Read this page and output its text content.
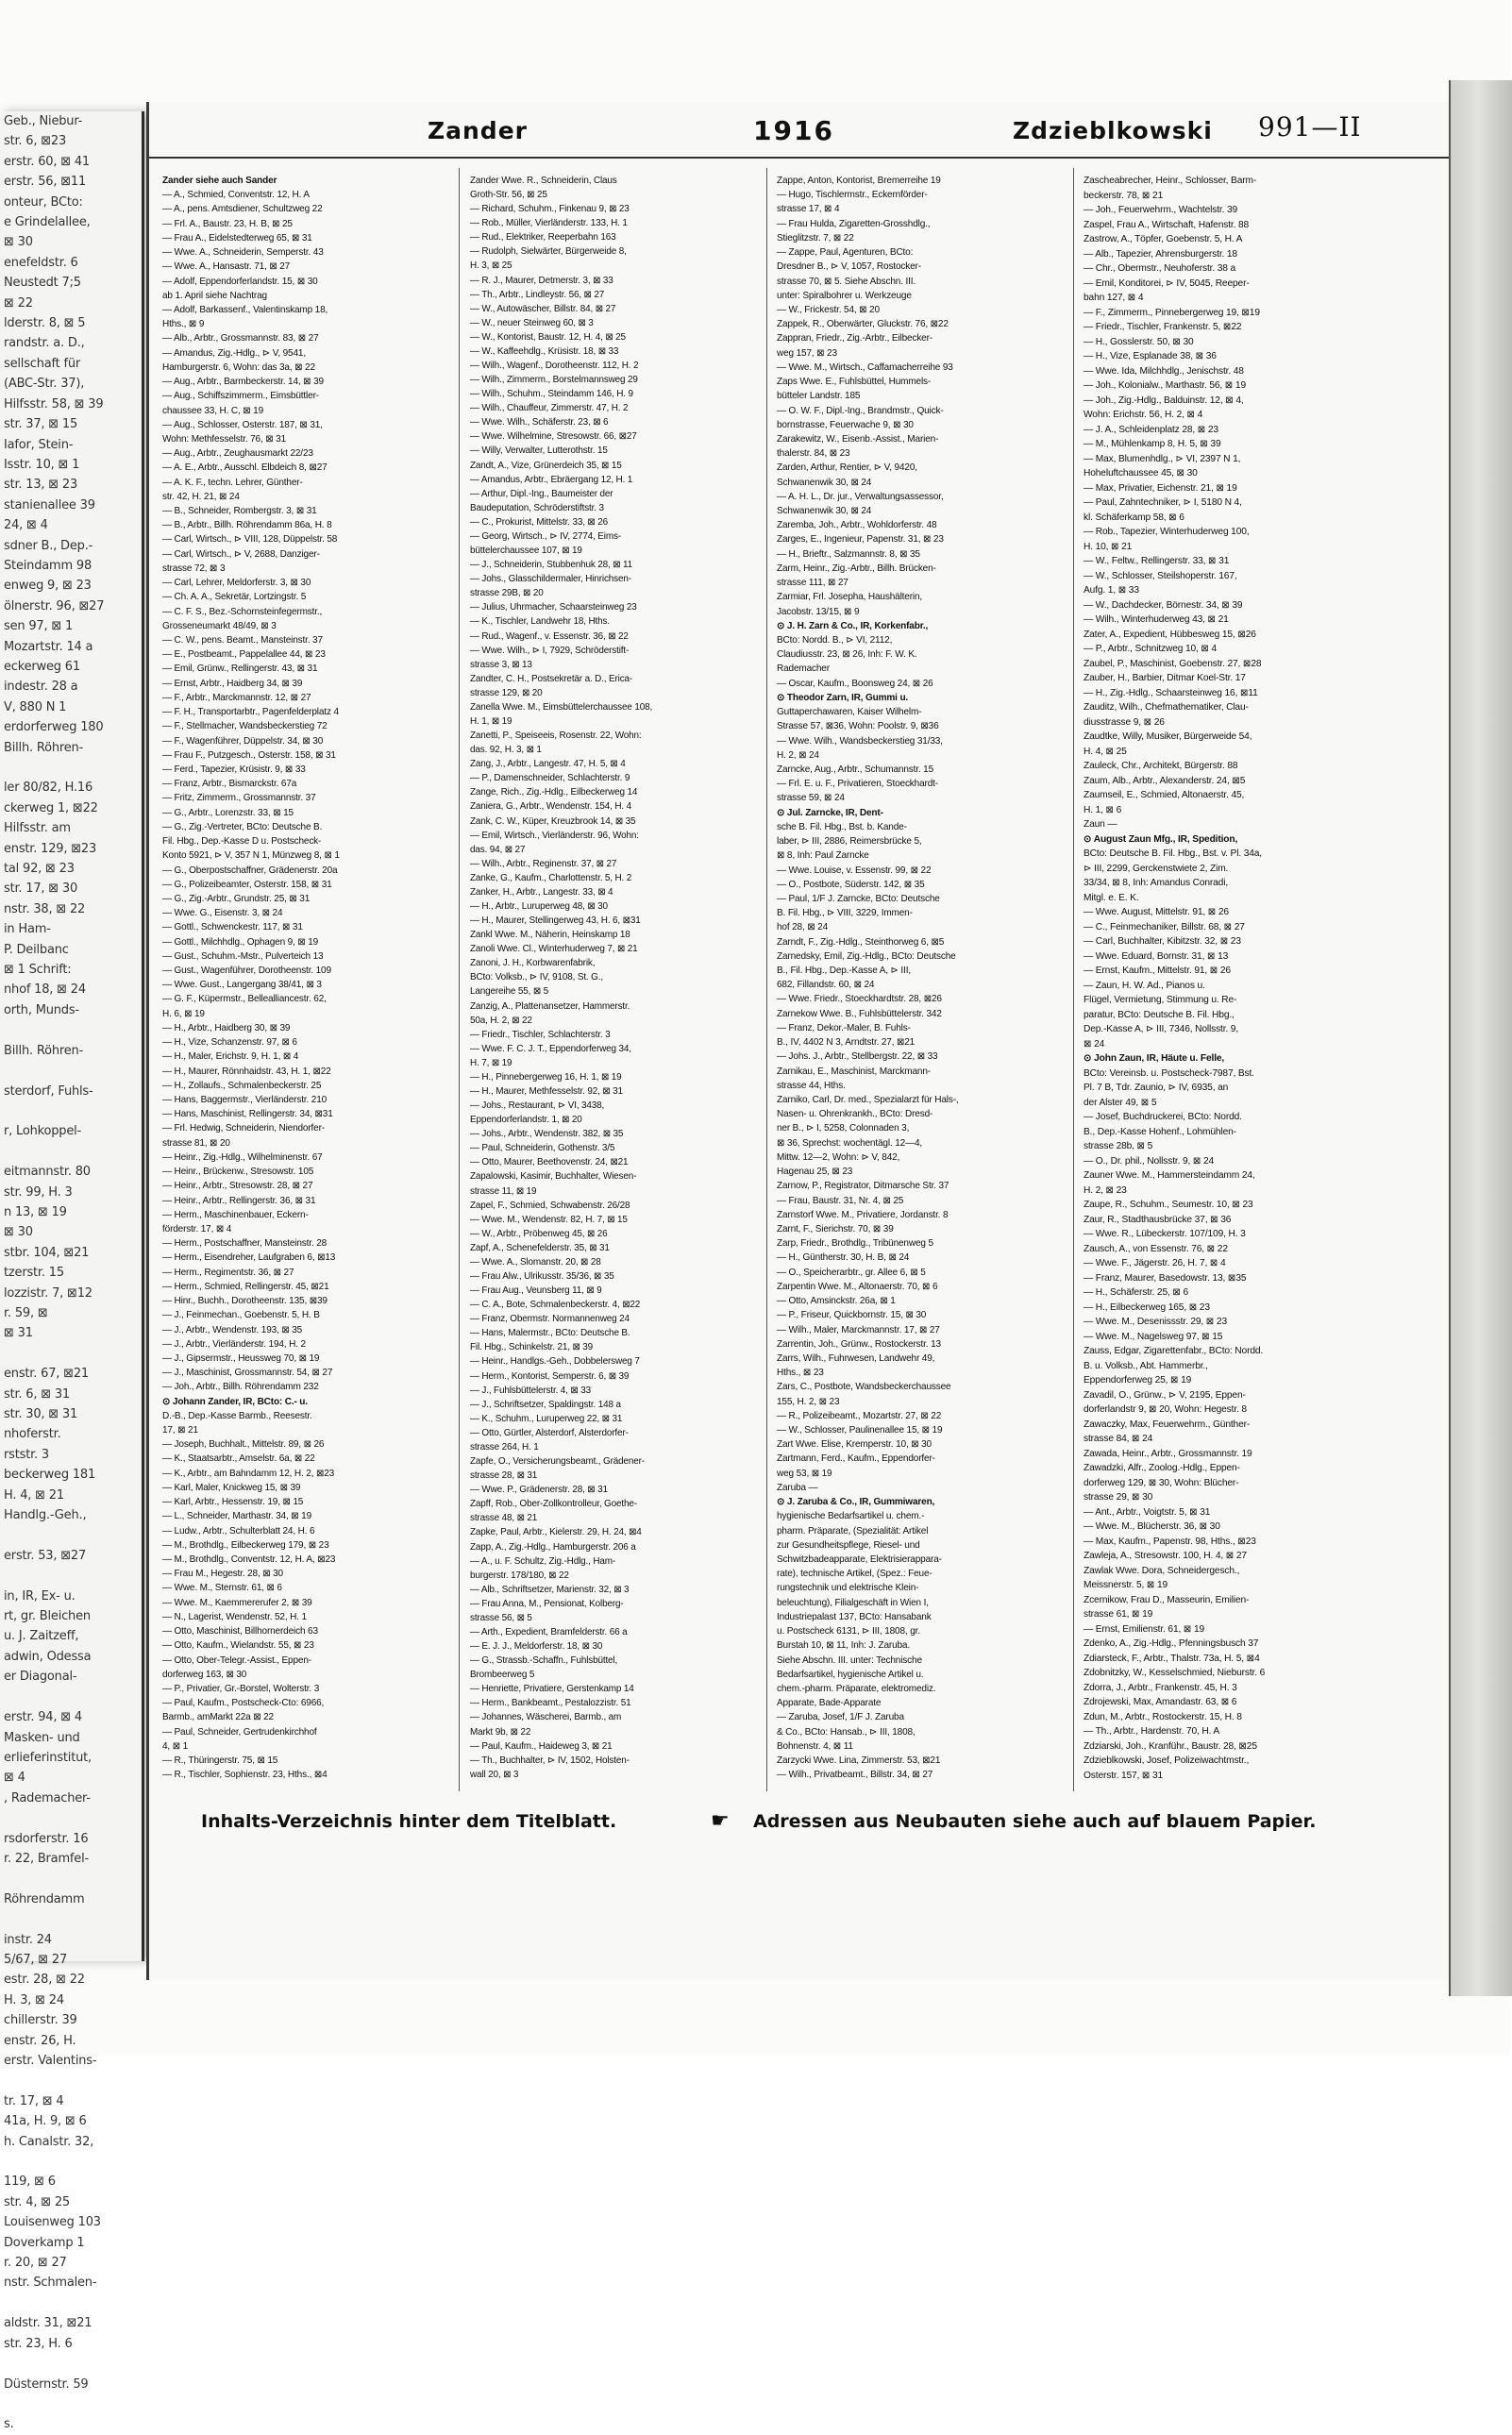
Geb., Niebur-
str. 6, ⊠23
erstr. 60, ⊠ 41
erstr. 56, ⊠11
onteur, BCto:
e Grindelallee,
⊠ 30
enefeldstr. 6
Neustedt 7;5
⊠ 22
lderstr. 8, ⊠ 5
randstr. a. D.,
sellschaft für
(ABC-Str. 37),
Hilfsstr. 58, ⊠ 39
str. 37, ⊠ 15
Iafor, Stein-
Isstr. 10, ⊠ 1
str. 13, ⊠ 23
stanienallee 39
24, ⊠ 4
sdner B., Dep.-
Steindamm 98
enweg 9, ⊠ 23
ölnerstr. 96, ⊠27
sen 97, ⊠ 1
Mozartstr. 14 a
eckerweg 61
indestr. 28 a
V, 880 N 1
erdorferweg 180
Billh. Röhren-

ler 80/82, H.16
ckerweg 1, ⊠22
Hilfsstr. am
enstr. 129, ⊠23
tal 92, ⊠ 23
str. 17, ⊠ 30
nstr. 38, ⊠ 22
in Ham-
P. Deilbanc
⊠ 1 Schrift:
nhof 18, ⊠ 24
orth, Munds-

Billh. Röhren-

sterdorf, Fuhls-

r, Lohkoppel-

eitmannstr. 80
str. 99, H. 3
n 13, ⊠ 19
⊠ 30
stbr. 104, ⊠21
tzerstr. 15
lozzistr. 7, ⊠12
r. 59, ⊠
⊠ 31

enstr. 67, ⊠21
str. 6, ⊠ 31
str. 30, ⊠ 31
nhoferstr.
rststr. 3
beckerweg 181
H. 4, ⊠ 21
Handlg.-Geh.,

erstr. 53, ⊠27

in, IR, Ex- u.
rt, gr. Bleichen
u. J. Zaitzeff,
adwin, Odessa
er Diagonal-

erstr. 94, ⊠ 4
Masken- und
erlieferinstitut,
⊠ 4
, Rademacher-

rsdorferstr. 16
r. 22, Bramfel-

Röhrendamm

instr. 24
5/67, ⊠ 27
estr. 28, ⊠ 22
H. 3, ⊠ 24
chillerstr. 39
enstr. 26, H.
erstr. Valentins-

tr. 17, ⊠ 4
41a, H. 9, ⊠ 6
h. Canalstr. 32,

119, ⊠ 6
str. 4, ⊠ 25
Louisenweg 103
Doverkamp 1
r. 20, ⊠ 27
nstr. Schmalen-

aldstr. 31, ⊠21
str. 23, H. 6

Düsternstr. 59

s.
Zander	1916	Zdzieblkowski 991—II
Zander siehe auch Sander
— A., Schmied, Conventstr. 12, H. A
— A., pens. Amtsdiener, Schultzweg 22
— Frl. A., Baustr. 23, H. B, ⊠ 25
— Frau A., Eidelstedterweg 65, ⊠ 31
— Wwe. A., Schneiderin, Semperstr. 43
— Wwe. A., Hansastr. 71, ⊠ 27
— Adolf, Eppendorferlandstr. 15, ⊠ 30
ab 1. April siehe Nachtrag
— Adolf, Barkassenf., Valentinskamp 18,
Hths., ⊠ 9
— Alb., Arbtr., Grossmannstr. 83, ⊠ 27
— Amandus, Zig.-Hdlg., ⊳ V, 9541,
Hamburgerstr. 6, Wohn: das 3a, ⊠ 22
— Aug., Arbtr., Barmbeckerstr. 14, ⊠ 39
— Aug., Schiffszimmerm., Eimsbüttler-
chaussee 33, H. C, ⊠ 19
— Aug., Schlosser, Osterstr. 187, ⊠ 31,
Wohn: Methfesselstr. 76, ⊠ 31
— Aug., Arbtr., Zeughausmarkt 22/23
— A. E., Arbtr., Ausschl. Elbdeich 8, ⊠27
— A. K. F., techn. Lehrer, Günther-
str. 42, H. 21, ⊠ 24
— B., Schneider, Rombergstr. 3, ⊠ 31
— B., Arbtr., Billh. Röhrendamm 86a, H. 8
— Carl, Wirtsch., ⊳ VIII, 128, Düppelstr. 58
— Carl, Wirtsch., ⊳ V, 2688, Danziger-
strasse 72, ⊠ 3
— Carl, Lehrer, Meldorferstr. 3, ⊠ 30
— Ch. A. A., Sekretär, Lortzingstr. 5
— C. F. S., Bez.-Schornsteinfegermstr.,
Grosseneumarkt 48/49, ⊠ 3
— C. W., pens. Beamt., Mansteinstr. 37
— E., Postbeamt., Pappelallee 44, ⊠ 23
— Emil, Grünw., Rellingerstr. 43, ⊠ 31
— Ernst, Arbtr., Haidberg 34, ⊠ 39
— F., Arbtr., Marckmannstr. 12, ⊠ 27
— F. H., Transportarbtr., Pagenfelderplatz 4
— F., Stellmacher, Wandsbeckerstieg 72
— F., Wagenführer, Düppelstr. 34, ⊠ 30
— Frau F., Putzgesch., Osterstr. 158, ⊠ 31
— Ferd., Tapezier, Krüsistr. 9, ⊠ 33
— Franz, Arbtr., Bismarckstr. 67a
— Fritz, Zimmerm., Grossmannstr. 37
— G., Arbtr., Lorenzstr. 33, ⊠ 15
— G., Zig.-Vertreter, BCto: Deutsche B.
Fil. Hbg., Dep.-Kasse D u. Postscheck-
Konto 5921, ⊳ V, 357 N 1, Münzweg 8, ⊠ 1
— G., Oberpostschaffner, Grädenerstr. 20a
— G., Polizeibeamter, Osterstr. 158, ⊠ 31
— G., Zig.-Arbtr., Grundstr. 25, ⊠ 31
— Wwe. G., Eisenstr. 3, ⊠ 24
— Gottl., Schwenckestr. 117, ⊠ 31
— Gottl., Milchhdlg., Ophagen 9, ⊠ 19
— Gust., Schuhm.-Mstr., Pulverteich 13
— Gust., Wagenführer, Dorotheenstr. 109
— Wwe. Gust., Langergang 38/41, ⊠ 3
— G. F., Küpermstr., Bellealliancestr. 62,
H. 6, ⊠ 19
— H., Arbtr., Haidberg 30, ⊠ 39
— H., Vize, Schanzenstr. 97, ⊠ 6
— H., Maler, Erichstr. 9, H. 1, ⊠ 4
— H., Maurer, Rönnhaidstr. 43, H. 1, ⊠22
— H., Zollaufs., Schmalenbeckerstr. 25
— Hans, Baggermstr., Vierländerstr. 210
— Hans, Maschinist, Rellingerstr. 34, ⊠31
— Frl. Hedwig, Schneiderin, Niendorfer-
strasse 81, ⊠ 20
— Heinr., Zig.-Hdlg., Wilhelminenstr. 67
— Heinr., Brückenw., Stresowstr. 105
— Heinr., Arbtr., Stresowstr. 28, ⊠ 27
— Heinr., Arbtr., Rellingerstr. 36, ⊠ 31
— Herm., Maschinenbauer, Eckern-
förderstr. 17, ⊠ 4
— Herm., Postschaffner, Mansteinstr. 28
— Herm., Eisendreher, Laufgraben 6, ⊠13
— Herm., Regimentstr. 36, ⊠ 27
— Herm., Schmied, Rellingerstr. 45, ⊠21
— Hinr., Buchh., Dorotheenstr. 135, ⊠39
— J., Feinmechan., Goebenstr. 5, H. B
— J., Arbtr., Wendenstr. 193, ⊠ 35
— J., Arbtr., Vierländerstr. 194, H. 2
— J., Gipsermstr., Heussweg 70, ⊠ 19
— J., Maschinist, Grossmannstr. 54, ⊠ 27
— Joh., Arbtr., Billh. Röhrendamm 232
⊙ Johann Zander, IR, BCto: C.- u.
D.-B., Dep.-Kasse Barmb., Reesestr.
17, ⊠ 21
— Joseph, Buchhalt., Mittelstr. 89, ⊠ 26
— K., Staatsarbtr., Amselstr. 6a, ⊠ 22
— K., Arbtr., am Bahndamm 12, H. 2, ⊠23
— Karl, Maler, Knickweg 15, ⊠ 39
— Karl, Arbtr., Hessenstr. 19, ⊠ 15
— L., Schneider, Marthastr. 34, ⊠ 19
— Ludw., Arbtr., Schulterblatt 24, H. 6
— M., Brothdlg., Eilbeckerweg 179, ⊠ 23
— M., Brothdlg., Conventstr. 12, H. A, ⊠23
— Frau M., Hegestr. 28, ⊠ 30
— Wwe. M., Sternstr. 61, ⊠ 6
— Wwe. M., Kaemmererufer 2, ⊠ 39
— N., Lagerist, Wendenstr. 52, H. 1
— Otto, Maschinist, Billhornerdeich 63
— Otto, Kaufm., Wielandstr. 55, ⊠ 23
— Otto, Ober-Telegr.-Assist., Eppen-
dorferweg 163, ⊠ 30
— P., Privatier, Gr.-Borstel, Wolterstr. 3
— Paul, Kaufm., Postscheck-Cto: 6966,
Barmb., amMarkt 22a ⊠ 22
— Paul, Schneider, Gertrudenkirchhof
4, ⊠ 1
— R., Thüringerstr. 75, ⊠ 15
— R., Tischler, Sophienstr. 23, Hths., ⊠4
Zander Wwe. R., Schneiderin, Claus
Groth-Str. 56, ⊠ 25
— Richard, Schuhm., Finkenau 9, ⊠ 23
— Rob., Müller, Vierländerstr. 133, H. 1
— Rud., Elektriker, Reeperbahn 163
— Rudolph, Sielwärter, Bürgerweide 8,
H. 3, ⊠ 25
— R. J., Maurer, Detmerstr. 3, ⊠ 33
— Th., Arbtr., Lindleystr. 56, ⊠ 27
— W., Autowäscher, Billstr. 84, ⊠ 27
— W., neuer Steinweg 60, ⊠ 3
— W., Kontorist, Baustr. 12, H. 4, ⊠ 25
— W., Kaffeehdlg., Krüsistr. 18, ⊠ 33
— Wilh., Wagenf., Dorotheenstr. 112, H. 2
— Wilh., Zimmerm., Borstelmannsweg 29
— Wilh., Schuhm., Steindamm 146, H. 9
— Wilh., Chauffeur, Zimmerstr. 47, H. 2
— Wwe. Wilh., Schäferstr. 23, ⊠ 6
— Wwe. Wilhelmine, Stresowstr. 66, ⊠27
— Willy, Verwalter, Lutterothstr. 15
Zandt, A., Vize, Grünerdeich 35, ⊠ 15
— Amandus, Arbtr., Ebräergang 12, H. 1
— Arthur, Dipl.-Ing., Baumeister der
Baudeputation, Schröderstiftstr. 3
— C., Prokurist, Mittelstr. 33, ⊠ 26
— Georg, Wirtsch., ⊳ IV, 2774, Eims-
büttelerchaussee 107, ⊠ 19
— J., Schneiderin, Stubbenhuk 28, ⊠ 11
— Johs., Glasschildermaler, Hinrichsen-
strasse 29B, ⊠ 20
— Julius, Uhrmacher, Schaarsteinweg 23
— K., Tischler, Landwehr 18, Hths.
— Rud., Wagenf., v. Essenstr. 36, ⊠ 22
— Wwe. Wilh., ⊳ I, 7929, Schröderstift-
strasse 3, ⊠ 13
Zandter, C. H., Postsekretär a. D., Erica-
strasse 129, ⊠ 20
Zanella Wwe. M., Eimsbüttelerchaussee 108,
H. 1, ⊠ 19
Zanetti, P., Speiseeis, Rosenstr. 22, Wohn:
das. 92, H. 3, ⊠ 1
Zang, J., Arbtr., Langestr. 47, H. 5, ⊠ 4
— P., Damenschneider, Schlachterstr. 9
Zange, Rich., Zig.-Hdlg., Eilbeckerweg 14
Zaniera, G., Arbtr., Wendenstr. 154, H. 4
Zank, C. W., Küper, Kreuzbrook 14, ⊠ 35
— Emil, Wirtsch., Vierländerstr. 96, Wohn:
das. 94, ⊠ 27
— Wilh., Arbtr., Reginenstr. 37, ⊠ 27
Zanke, G., Kaufm., Charlottenstr. 5, H. 2
Zanker, H., Arbtr., Langestr. 33, ⊠ 4
— H., Arbtr., Luruperweg 48, ⊠ 30
— H., Maurer, Stellingerweg 43, H. 6, ⊠31
Zankl Wwe. M., Näherin, Heinskamp 18
Zanoli Wwe. Cl., Winterhuderweg 7, ⊠ 21
Zanoni, J. H., Korbwarenfabrik,
BCto: Volksb., ⊳ IV, 9108, St. G.,
Langereihe 55, ⊠ 5
Zanzig, A., Plattenansetzer, Hammerstr.
50a, H. 2, ⊠ 22
— Friedr., Tischler, Schlachterstr. 3
— Wwe. F. C. J. T., Eppendorferweg 34,
H. 7, ⊠ 19
— H., Pinnebergerweg 16, H. 1, ⊠ 19
— H., Maurer, Methfesselstr. 92, ⊠ 31
— Johs., Restaurant, ⊳ VI, 3438,
Eppendorferlandstr. 1, ⊠ 20
— Johs., Arbtr., Wendenstr. 382, ⊠ 35
— Paul, Schneiderin, Gothenstr. 3/5
— Otto, Maurer, Beethovenstr. 24, ⊠21
Zapalowski, Kasimir, Buchhalter, Wiesen-
strasse 11, ⊠ 19
Zapel, F., Schmied, Schwabenstr. 26/28
— Wwe. M., Wendenstr. 82, H. 7, ⊠ 15
— W., Arbtr., Pröbenweg 45, ⊠ 26
Zapf, A., Schenefelderstr. 35, ⊠ 31
— Wwe. A., Slomanstr. 20, ⊠ 28
— Frau Alw., Ulrikusstr. 35/36, ⊠ 35
— Frau Aug., Veunsberg 11, ⊠ 9
— C. A., Bote, Schmalenbeckerstr. 4, ⊠22
— Franz, Obermstr. Normannenweg 24
— Hans, Malermstr., BCto: Deutsche B.
Fil. Hbg., Schinkelstr. 21, ⊠ 39
— Heinr., Handlgs.-Geh., Dobbelersweg 7
— Herm., Kontorist, Semperstr. 6, ⊠ 39
— J., Fuhlsbüttelerstr. 4, ⊠ 33
— J., Schriftsetzer, Spaldingstr. 148 a
— K., Schuhm., Luruperweg 22, ⊠ 31
— Otto, Gürtler, Alsterdorf, Alsterdorfer-
strasse 264, H. 1
Zapfe, O., Versicherungsbeamt., Grädener-
strasse 28, ⊠ 31
— Wwe. P., Grädenerstr. 28, ⊠ 31
Zapff, Rob., Ober-Zollkontrolleur, Goethe-
strasse 48, ⊠ 21
Zapke, Paul, Arbtr., Kielerstr. 29, H. 24, ⊠4
Zapp, A., Zig.-Hdlg., Hamburgerstr. 206 a
— A., u. F. Schultz, Zig.-Hdlg., Ham-
burgerstr. 178/180, ⊠ 22
— Alb., Schriftsetzer, Marienstr. 32, ⊠ 3
— Frau Anna, M., Pensionat, Kolberg-
strasse 56, ⊠ 5
— Arth., Expedient, Bramfelderstr. 66 a
— E. J. J., Meldorferstr. 18, ⊠ 30
— G., Strassb.-Schaffn., Fuhlsbüttel,
Brombeerweg 5
— Henriette, Privatiere, Gerstenkamp 14
— Herm., Bankbeamt., Pestalozzistr. 51
— Johannes, Wäscherei, Barmb., am
Markt 9b, ⊠ 22
— Paul, Kaufm., Haideweg 3, ⊠ 21
— Th., Buchhalter, ⊳ IV, 1502, Holsten-
wall 20, ⊠ 3
Zappe, Anton, Kontorist, Bremerreihe 19
— Hugo, Tischlermstr., Eckernförder-
strasse 17, ⊠ 4
— Frau Hulda, Zigaretten-Grosshdlg.,
Stieglitzstr. 7, ⊠ 22
— Zappe, Paul, Agenturen, BCto:
Dresdner B., ⊳ V, 1057, Rostocker-
strasse 70, ⊠ 5. Siehe Abschn. III.
unter: Spiralbohrer u. Werkzeuge
— W., Frickestr. 54, ⊠ 20
Zappek, R., Oberwärter, Gluckstr. 76, ⊠22
Zappran, Friedr., Zig.-Arbtr., Eilbecker-
weg 157, ⊠ 23
— Wwe. M., Wirtsch., Caffamacherreihe 93
Zaps Wwe. E., Fuhlsbüttel, Hummels-
bütteler Landstr. 185
— O. W. F., Dipl.-Ing., Brandmstr., Quick-
bornstrasse, Feuerwache 9, ⊠ 30
Zarakewitz, W., Eisenb.-Assist., Marien-
thalerstr. 84, ⊠ 23
Zarden, Arthur, Rentier, ⊳ V, 9420,
Schwanenwik 30, ⊠ 24
— A. H. L., Dr. jur., Verwaltungsassessor,
Schwanenwik 30, ⊠ 24
Zaremba, Joh., Arbtr., Wohldorferstr. 48
Zarges, E., Ingenieur, Papenstr. 31, ⊠ 23
— H., Brieftr., Salzmannstr. 8, ⊠ 35
Zarm, Heinr., Zig.-Arbtr., Billh. Brücken-
strasse 111, ⊠ 27
Zarmiar, Frl. Josepha, Haushälterin,
Jacobstr. 13/15, ⊠ 9
⊙ J. H. Zarn & Co., IR, Korkenfabr.,
BCto: Nordd. B., ⊳ VI, 2112,
Claudiusstr. 23, ⊠ 26, Inh: F. W. K.
Rademacher
— Oscar, Kaufm., Boonsweg 24, ⊠ 26
⊙ Theodor Zarn, IR, Gummi u.
Guttaperchawaren, Kaiser Wilhelm-
Strasse 57, ⊠36, Wohn: Poolstr. 9, ⊠36
— Wwe. Wilh., Wandsbeckerstieg 31/33,
H. 2, ⊠ 24
Zarncke, Aug., Arbtr., Schumannstr. 15
— Frl. E. u. F., Privatieren, Stoeckhardt-
strasse 59, ⊠ 24
⊙ Jul. Zarncke, IR, Dent-
sche B. Fil. Hbg., Bst. b. Kande-
laber, ⊳ III, 2886, Reimersbrücke 5,
⊠ 8, Inh: Paul Zarncke
— Wwe. Louise, v. Essenstr. 99, ⊠ 22
— O., Postbote, Süderstr. 142, ⊠ 35
— Paul, 1/F J. Zarncke, BCto: Deutsche
B. Fil. Hbg., ⊳ VIII, 3229, Immen-
hof 28, ⊠ 24
Zarndt, F., Zig.-Hdlg., Steinthorweg 6, ⊠5
Zarnedsky, Emil, Zig.-Hdlg., BCto: Deutsche
B., Fil. Hbg., Dep.-Kasse A, ⊳ III,
682, Fillandstr. 60, ⊠ 24
— Wwe. Friedr., Stoeckhardtstr. 28, ⊠26
Zarnekow Wwe. B., Fuhlsbüttelerstr. 342
— Franz, Dekor.-Maler, B. Fuhls-
B., IV, 4402 N 3, Arndtstr. 27, ⊠21
— Johs. J., Arbtr., Stellbergstr. 22, ⊠ 33
Zarnikau, E., Maschinist, Marckmann-
strasse 44, Hths.
Zarniko, Carl, Dr. med., Spezialarzt für Hals-,
Nasen- u. Ohrenkrankh., BCto: Dresd-
ner B., ⊳ I, 5258, Colonnaden 3,
⊠ 36, Sprechst: wochentägl. 12—4,
Mittw. 12—2, Wohn: ⊳ V, 842,
Hagenau 25, ⊠ 23
Zarnow, P., Registrator, Ditmarsche Str. 37
— Frau, Baustr. 31, Nr. 4, ⊠ 25
Zarnstorf Wwe. M., Privatiere, Jordanstr. 8
Zarnt, F., Sierichstr. 70, ⊠ 39
Zarp, Friedr., Brothdlg., Tribünenweg 5
— H., Güntherstr. 30, H. B, ⊠ 24
— O., Speicherarbtr., gr. Allee 6, ⊠ 5
Zarpentin Wwe. M., Altonaerstr. 70, ⊠ 6
— Otto, Amsinckstr. 26a, ⊠ 1
— P., Friseur, Quickbornstr. 15, ⊠ 30
— Wilh., Maler, Marckmannstr. 17, ⊠ 27
Zarrentin, Joh., Grünw., Rostockerstr. 13
Zarrs, Wilh., Fuhrwesen, Landwehr 49,
Hths., ⊠ 23
Zars, C., Postbote, Wandsbeckerchaussee
155, H. 2, ⊠ 23
— R., Polizeibeamt., Mozartstr. 27, ⊠ 22
— W., Schlosser, Paulinenallee 15, ⊠ 19
Zart Wwe. Elise, Kremperstr. 10, ⊠ 30
Zartmann, Ferd., Kaufm., Eppendorfer-
weg 53, ⊠ 19
Zaruba —
⊙ J. Zaruba & Co., IR, Gummiwaren,
hygienische Bedarfsartikel u. chem.-
pharm. Präparate, (Spezialität: Artikel
zur Gesundheitspflege, Riesel- und
Schwitzbadeapparate, Elektrisierappara-
rate), technische Artikel, (Spez.: Feue-
rungstechnik und elektrische Klein-
beleuchtung), Filialgeschäft in Wien I,
Industriepalast 137, BCto: Hansabank
u. Postscheck 6131, ⊳ III, 1808, gr.
Burstah 10, ⊠ 11, Inh: J. Zaruba.
Siehe Abschn. III. unter: Technische
Bedarfsartikel, hygienische Artikel u.
chem.-pharm. Präparate, elektromediz.
Apparate, Bade-Apparate
— Zaruba, Josef, 1/F J. Zaruba
& Co., BCto: Hansab., ⊳ III, 1808,
Bohnenstr. 4, ⊠ 11
Zarzycki Wwe. Lina, Zimmerstr. 53, ⊠21
— Wilh., Privatbeamt., Billstr. 34, ⊠ 27
Zascheabrecher, Heinr., Schlosser, Barm-
beckerstr. 78, ⊠ 21
— Joh., Feuerwehrm., Wachtelstr. 39
Zaspel, Frau A., Wirtschaft, Hafenstr. 88
Zastrow, A., Töpfer, Goebenstr. 5, H. A
— Alb., Tapezier, Ahrensburgerstr. 18
— Chr., Obermstr., Neuhoferstr. 38 a
— Emil, Konditorei, ⊳ IV, 5045, Reeper-
bahn 127, ⊠ 4
— F., Zimmerm., Pinnebergerweg 19, ⊠19
— Friedr., Tischler, Frankenstr. 5, ⊠22
— H., Gosslerstr. 50, ⊠ 30
— H., Vize, Esplanade 38, ⊠ 36
— Wwe. Ida, Milchhdlg., Jenischstr. 48
— Joh., Kolonialw., Marthastr. 56, ⊠ 19
— Joh., Zig.-Hdlg., Balduinstr. 12, ⊠ 4,
Wohn: Erichstr. 56, H. 2, ⊠ 4
— J. A., Schleidenplatz 28, ⊠ 23
— M., Mühlenkamp 8, H. 5, ⊠ 39
— Max, Blumenhdlg., ⊳ VI, 2397 N 1,
Hoheluftchaussee 45, ⊠ 30
— Max, Privatier, Eichenstr. 21, ⊠ 19
— Paul, Zahntechniker, ⊳ I, 5180 N 4,
kl. Schäferkamp 58, ⊠ 6
— Rob., Tapezier, Winterhuderweg 100,
H. 10, ⊠ 21
— W., Feltw., Rellingerstr. 33, ⊠ 31
— W., Schlosser, Steilshoperstr. 167,
Aufg. 1, ⊠ 33
— W., Dachdecker, Börnestr. 34, ⊠ 39
— Wilh., Winterhuderweg 43, ⊠ 21
Zater, A., Expedient, Hübbesweg 15, ⊠26
— P., Arbtr., Schnitzweg 10, ⊠ 4
Zaubel, P., Maschinist, Goebenstr. 27, ⊠28
Zauber, H., Barbier, Ditmar Koel-Str. 17
— H., Zig.-Hdlg., Schaarsteinweg 16, ⊠11
Zauditz, Wilh., Chefmathematiker, Clau-
diusstrasse 9, ⊠ 26
Zaudtke, Willy, Musiker, Bürgerweide 54,
H. 4, ⊠ 25
Zauleck, Chr., Architekt, Bürgerstr. 88
Zaum, Alb., Arbtr., Alexanderstr. 24, ⊠5
Zaumseil, E., Schmied, Altonaerstr. 45,
H. 1, ⊠ 6
Zaun —
⊙ August Zaun Mfg., IR, Spedition,
BCto: Deutsche B. Fil. Hbg., Bst. v. Pl. 34a,
⊳ III, 2299, Gerckenstwiete 2, Zim.
33/34, ⊠ 8, Inh: Amandus Conradi,
Mitgl. e. E. K.
— Wwe. August, Mittelstr. 91, ⊠ 26
— C., Feinmechaniker, Billstr. 68, ⊠ 27
— Carl, Buchhalter, Kibitzstr. 32, ⊠ 23
— Wwe. Eduard, Bornstr. 31, ⊠ 13
— Ernst, Kaufm., Mittelstr. 91, ⊠ 26
— Zaun, H. W. Ad., Pianos u.
Flügel, Vermietung, Stimmung u. Re-
paratur, BCto: Deutsche B. Fil. Hbg.,
Dep.-Kasse A, ⊳ III, 7346, Nollsstr. 9,
⊠ 24
⊙ John Zaun, IR, Häute u. Felle,
BCto: Vereinsb. u. Postscheck-7987, Bst.
Pl. 7 B, Tdr. Zaunio, ⊳ IV, 6935, an
der Alster 49, ⊠ 5
— Josef, Buchdruckerei, BCto: Nordd.
B., Dep.-Kasse Hohenf., Lohmühlen-
strasse 28b, ⊠ 5
— O., Dr. phil., Nollsstr. 9, ⊠ 24
Zauner Wwe. M., Hammersteindamm 24,
H. 2, ⊠ 23
Zaupe, R., Schuhm., Seumestr. 10, ⊠ 23
Zaur, R., Stadthausbrücke 37, ⊠ 36
— Wwe. R., Lübeckerstr. 107/109, H. 3
Zausch, A., von Essenstr. 76, ⊠ 22
— Wwe. F., Jägerstr. 26, H. 7, ⊠ 4
— Franz, Maurer, Basedowstr. 13, ⊠35
— H., Schäferstr. 25, ⊠ 6
— H., Eilbeckerweg 165, ⊠ 23
— Wwe. M., Desenissstr. 29, ⊠ 23
— Wwe. M., Nagelsweg 97, ⊠ 15
Zauss, Edgar, Zigarettenfabr., BCto: Nordd.
B. u. Volksb., Abt. Hammerbr.,
Eppendorferweg 25, ⊠ 19
Zavadil, O., Grünw., ⊳ V, 2195, Eppen-
dorferlandstr 9, ⊠ 20, Wohn: Hegestr. 8
Zawaczky, Max, Feuerwehrm., Günther-
strasse 84, ⊠ 24
Zawada, Heinr., Arbtr., Grossmannstr. 19
Zawadzki, Alfr., Zoolog.-Hdlg., Eppen-
dorferweg 129, ⊠ 30, Wohn: Blücher-
strasse 29, ⊠ 30
— Ant., Arbtr., Voigtstr. 5, ⊠ 31
— Wwe. M., Blücherstr. 36, ⊠ 30
— Max, Kaufm., Papenstr. 98, Hths., ⊠23
Zawleja, A., Stresowstr. 100, H. 4, ⊠ 27
Zawlak Wwe. Dora, Schneidergesch.,
Meissnerstr. 5, ⊠ 19
Zcernikow, Frau D., Masseurin, Emilien-
strasse 61, ⊠ 19
— Ernst, Emilienstr. 61, ⊠ 19
Zdenko, A., Zig.-Hdlg., Pfenningsbusch 37
Zdiarsteck, F., Arbtr., Thalstr. 73a, H. 5, ⊠4
Zdobnitzky, W., Kesselschmied, Nieburstr. 6
Zdorra, J., Arbtr., Frankenstr. 45, H. 3
Zdrojewski, Max, Amandastr. 63, ⊠ 6
Zdun, M., Arbtr., Rostockerstr. 15, H. 8
— Th., Arbtr., Hardenstr. 70, H. A
Zdziarski, Joh., Kranführ., Baustr. 28, ⊠25
Zdzieblkowski, Josef, Polizeiwachtmstr.,
Osterstr. 157, ⊠ 31
Inhalts-Verzeichnis hinter dem Titelblatt.	☛ Adressen aus Neubauten siehe auch auf blauem Papier.
